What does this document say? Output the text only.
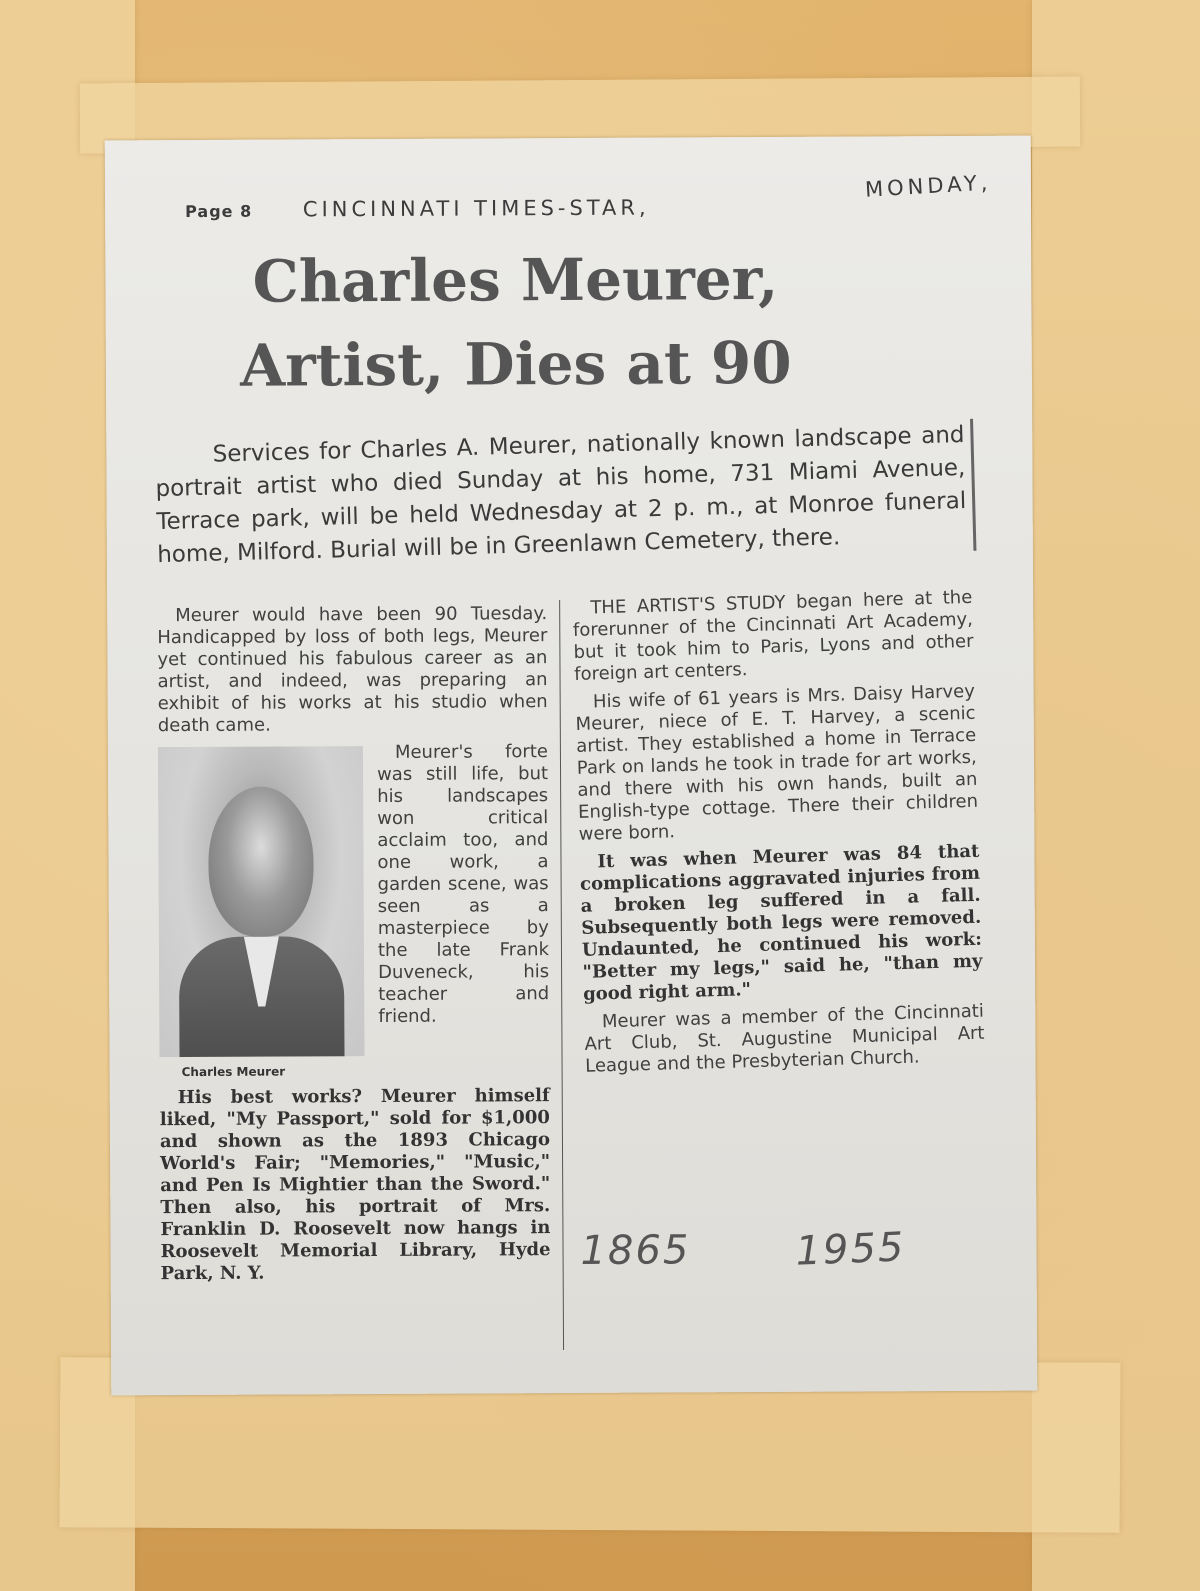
Page 8 CINCINNATI TIMES-STAR,
MONDAY,
Charles Meurer,
Artist, Dies at 90
Services for Charles A. Meurer, nationally known landscape and portrait artist who died Sunday at his home, 731 Miami Avenue, Terrace park, will be held Wednesday at 2 p. m., at Monroe funeral home, Milford. Burial will be in Greenlawn Cemetery, there.

Meurer would have been 90 Tuesday. Handicapped by loss of both legs, Meurer yet continued his fabulous career as an artist, and indeed, was preparing an exhibit of his works at his studio when death came.

Meurer's forte was still life, but his landscapes won critical acclaim too, and one work, a garden scene, was seen as a masterpiece by the late Frank Duveneck, his teacher and friend.

Charles Meurer

His best works? Meurer himself liked, "My Passport," sold for $1,000 and shown as the 1893 Chicago World's Fair; "Memories," "Music," and Pen Is Mightier than the Sword." Then also, his portrait of Mrs. Franklin D. Roosevelt now hangs in Roosevelt Memorial Library, Hyde Park, N. Y.

THE ARTIST'S STUDY began here at the forerunner of the Cincinnati Art Academy, but it took him to Paris, Lyons and other foreign art centers.

His wife of 61 years is Mrs. Daisy Harvey Meurer, niece of E. T. Harvey, a scenic artist. They established a home in Terrace Park on lands he took in trade for art works, and there with his own hands, built an English-type cottage. There their children were born.

It was when Meurer was 84 that complications aggravated injuries from a broken leg suffered in a fall. Subsequently both legs were removed. Undaunted, he continued his work: "Better my legs," said he, "than my good right arm."

Meurer was a member of the Cincinnati Art Club, St. Augustine Municipal Art League and the Presbyterian Church.

1865	1955
